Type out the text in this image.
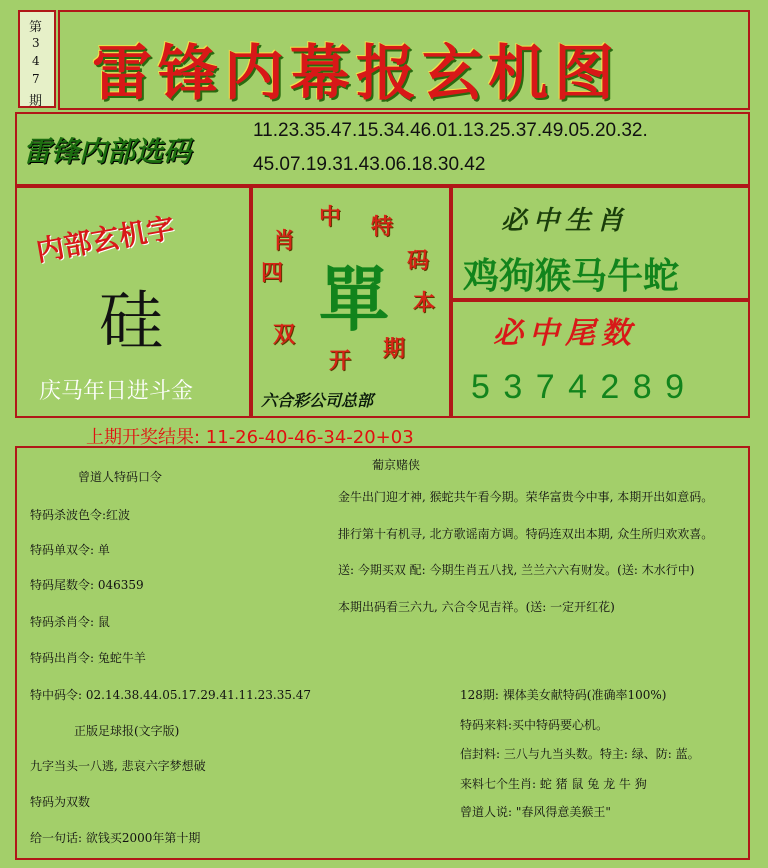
第
3
4
7
期 雷锋内幕报玄机图
雷锋内部选码
11.23.35.47.15.34.46.01.13.25.37.49.05.20.32.
45.07.19.31.43.06.18.30.42
内部玄机字
硅
庆马年日进斗金
單
四
肖
中 特
码
本
期
开
双
六合彩公司总部
必中生肖
鸡狗猴马牛蛇
必中尾数
5 3 7 4 2 8 9
上期开奖结果: 11-26-40-46-34-20+03
曾道人特码口令
特码杀波色令:红波
特码单双令: 单
特码尾数令: 046359
特码杀肖令: 鼠
特码出肖令: 兔蛇牛羊
特中码令: 02.14.38.44.05.17.29.41.11.23.35.47
正版足球报(文字版)
九字当头一八逃, 悲哀六字梦想破
特码为双数
给一句话: 欲钱买2000年第十期
葡京赌侠
金牛出门迎才神, 猴蛇共午看今期。荣华富贵今中事, 本期开出如意码。
排行第十有机寻, 北方歌谣南方调。特码连双出本期, 众生所归欢欢喜。
送: 今期买双 配: 今期生肖五八找, 兰兰六六有财发。(送: 木水行中)
本期出码看三六九, 六合令见吉祥。(送: 一定开红花)
128期: 裸体美女献特码(准确率100%)
特码来料:买中特码要心机。
信封料: 三八与九当头数。特主: 绿、防: 蓝。
来料七个生肖: 蛇 猪 鼠 兔 龙 牛 狗
曾道人说: "春风得意美猴王"
